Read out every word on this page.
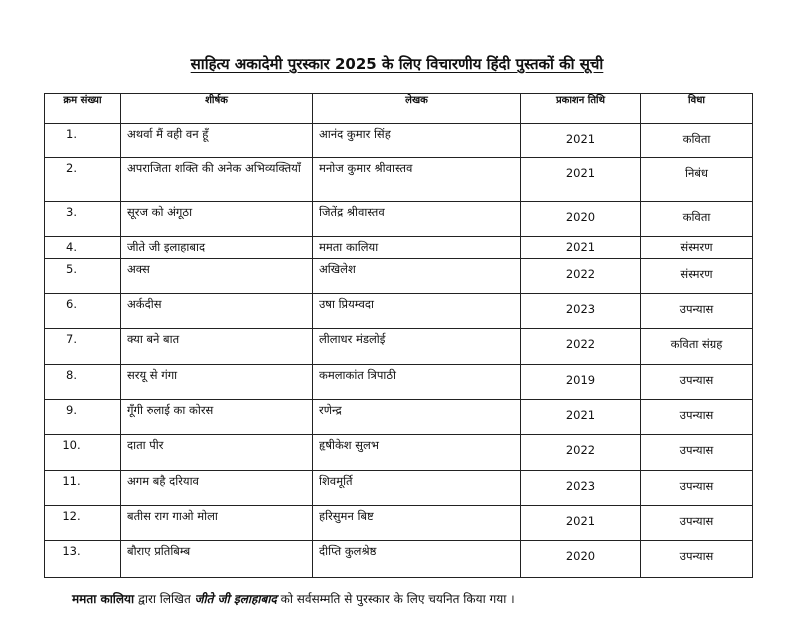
साहित्य अकादेमी पुरस्कार 2025 के लिए विचारणीय हिंदी पुस्तकों की सूची
क्रम संख्या	शीर्षक	लेखक	प्रकाशन तिथि	विधा
1.	अथर्वा मैं वही वन हूँ	आनंद कुमार सिंह	2021	कविता
2.	अपराजिता शक्ति की अनेक अभिव्यक्तियाँ	मनोज कुमार श्रीवास्तव	2021	निबंध
3.	सूरज को अंगूठा	जितेंद्र श्रीवास्तव	2020	कविता
4.	जीते जी इलाहाबाद	ममता कालिया	2021	संस्मरण
5.	अक्स	अखिलेश	2022	संस्मरण
6.	अर्कदीस	उषा प्रियम्वदा	2023	उपन्यास
7.	क्या बने बात	लीलाधर मंडलोई	2022	कविता संग्रह
8.	सरयू से गंगा	कमलाकांत त्रिपाठी	2019	उपन्यास
9.	गूँगी रुलाई का कोरस	रणेन्द्र	2021	उपन्यास
10.	दाता पीर	हृषीकेश सुलभ	2022	उपन्यास
11.	अगम बहै दरियाव	शिवमूर्ति	2023	उपन्यास
12.	बतीस राग गाओ मोला	हरिसुमन बिष्ट	2021	उपन्यास
13.	बौराए प्रतिबिम्ब	दीप्ति कुलश्रेष्ठ	2020	उपन्यास
ममता कालिया द्वारा लिखित जीते जी इलाहाबाद को सर्वसम्मति से पुरस्कार के लिए चयनित किया गया ।
